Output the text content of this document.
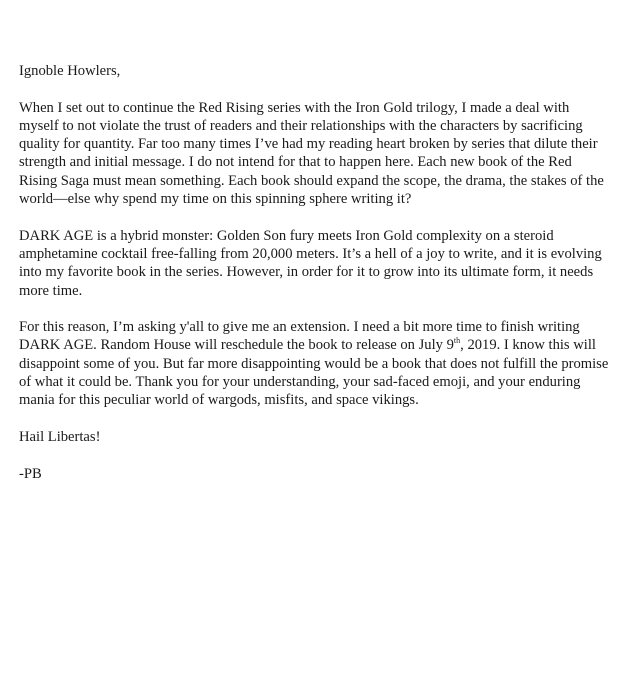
Ignoble Howlers,

When I set out to continue the Red Rising series with the Iron Gold trilogy, I made a deal with myself to not violate the trust of readers and their relationships with the characters by sacrificing quality for quantity. Far too many times I’ve had my reading heart broken by series that dilute their strength and initial message. I do not intend for that to happen here. Each new book of the Red Rising Saga must mean something. Each book should expand the scope, the drama, the stakes of the world—else why spend my time on this spinning sphere writing it?

DARK AGE is a hybrid monster: Golden Son fury meets Iron Gold complexity on a steroid amphetamine cocktail free-falling from 20,000 meters. It’s a hell of a joy to write, and it is evolving into my favorite book in the series. However, in order for it to grow into its ultimate form, it needs more time.

For this reason, I’m asking y'all to give me an extension. I need a bit more time to finish writing DARK AGE. Random House will reschedule the book to release on July 9th, 2019. I know this will disappoint some of you. But far more disappointing would be a book that does not fulfill the promise of what it could be. Thank you for your understanding, your sad-faced emoji, and your enduring mania for this peculiar world of wargods, misfits, and space vikings.

Hail Libertas!

-PB
